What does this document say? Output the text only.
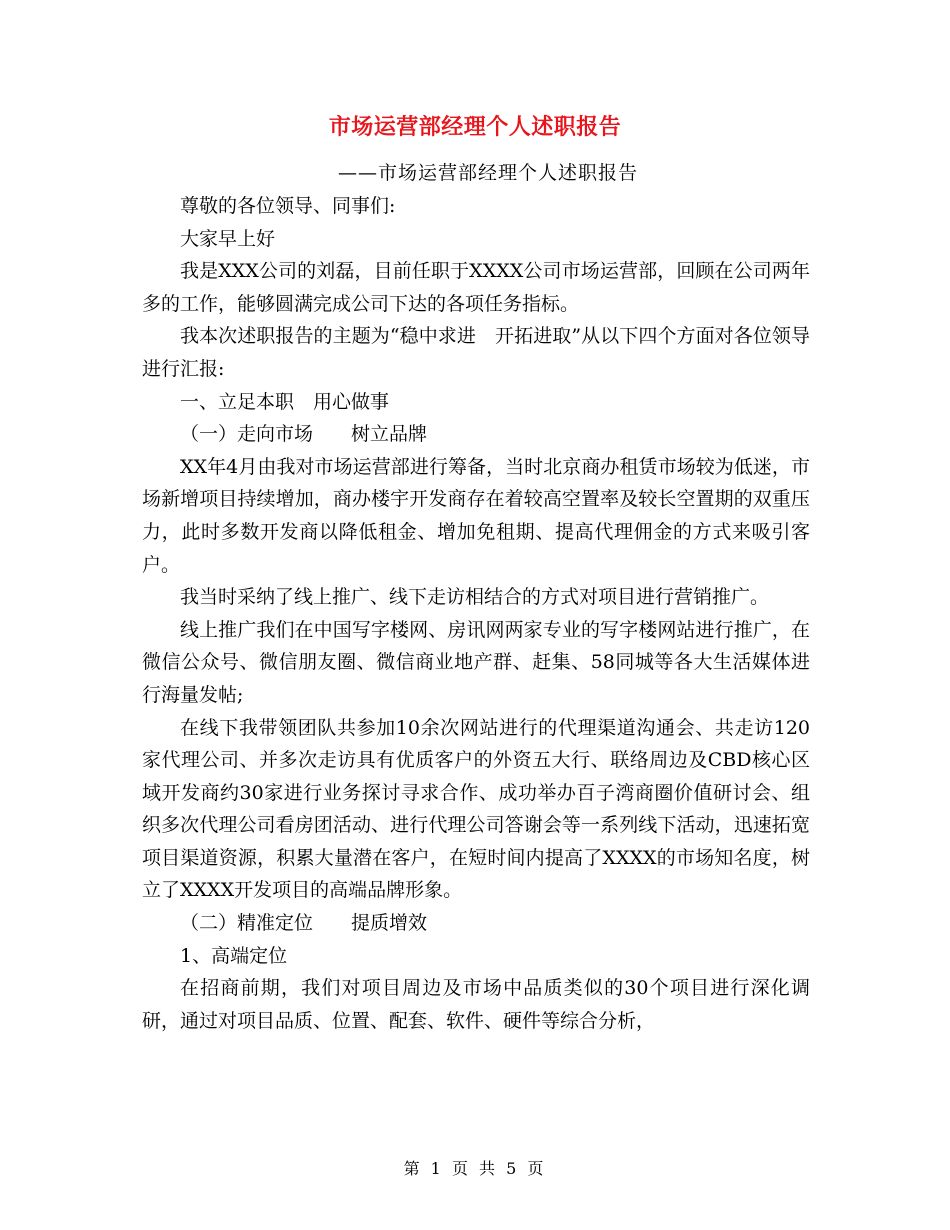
市场运营部经理个人述职报告
——市场运营部经理个人述职报告

尊敬的各位领导、同事们:

大家早上好

我是XXX公司的刘磊，目前任职于XXXX公司市场运营部，回顾在公司两年多的工作，能够圆满完成公司下达的各项任务指标。

我本次述职报告的主题为“稳中求进　开拓进取”从以下四个方面对各位领导进行汇报:

一、立足本职　用心做事

（一）走向市场　　树立品牌

XX年4月由我对市场运营部进行筹备，当时北京商办租赁市场较为低迷，市场新增项目持续增加，商办楼宇开发商存在着较高空置率及较长空置期的双重压力，此时多数开发商以降低租金、增加免租期、提高代理佣金的方式来吸引客户。

我当时采纳了线上推广、线下走访相结合的方式对项目进行营销推广。

线上推广我们在中国写字楼网、房讯网两家专业的写字楼网站进行推广，在微信公众号、微信朋友圈、微信商业地产群、赶集、58同城等各大生活媒体进行海量发帖;

在线下我带领团队共参加10余次网站进行的代理渠道沟通会、共走访120家代理公司、并多次走访具有优质客户的外资五大行、联络周边及CBD核心区域开发商约30家进行业务探讨寻求合作、成功举办百子湾商圈价值研讨会、组织多次代理公司看房团活动、进行代理公司答谢会等一系列线下活动，迅速拓宽项目渠道资源，积累大量潜在客户，在短时间内提高了XXXX的市场知名度，树立了XXXX开发项目的高端品牌形象。

（二）精准定位　　提质增效

1、高端定位

在招商前期，我们对项目周边及市场中品质类似的30个项目进行深化调研，通过对项目品质、位置、配套、软件、硬件等综合分析，

第 1 页 共 5 页
